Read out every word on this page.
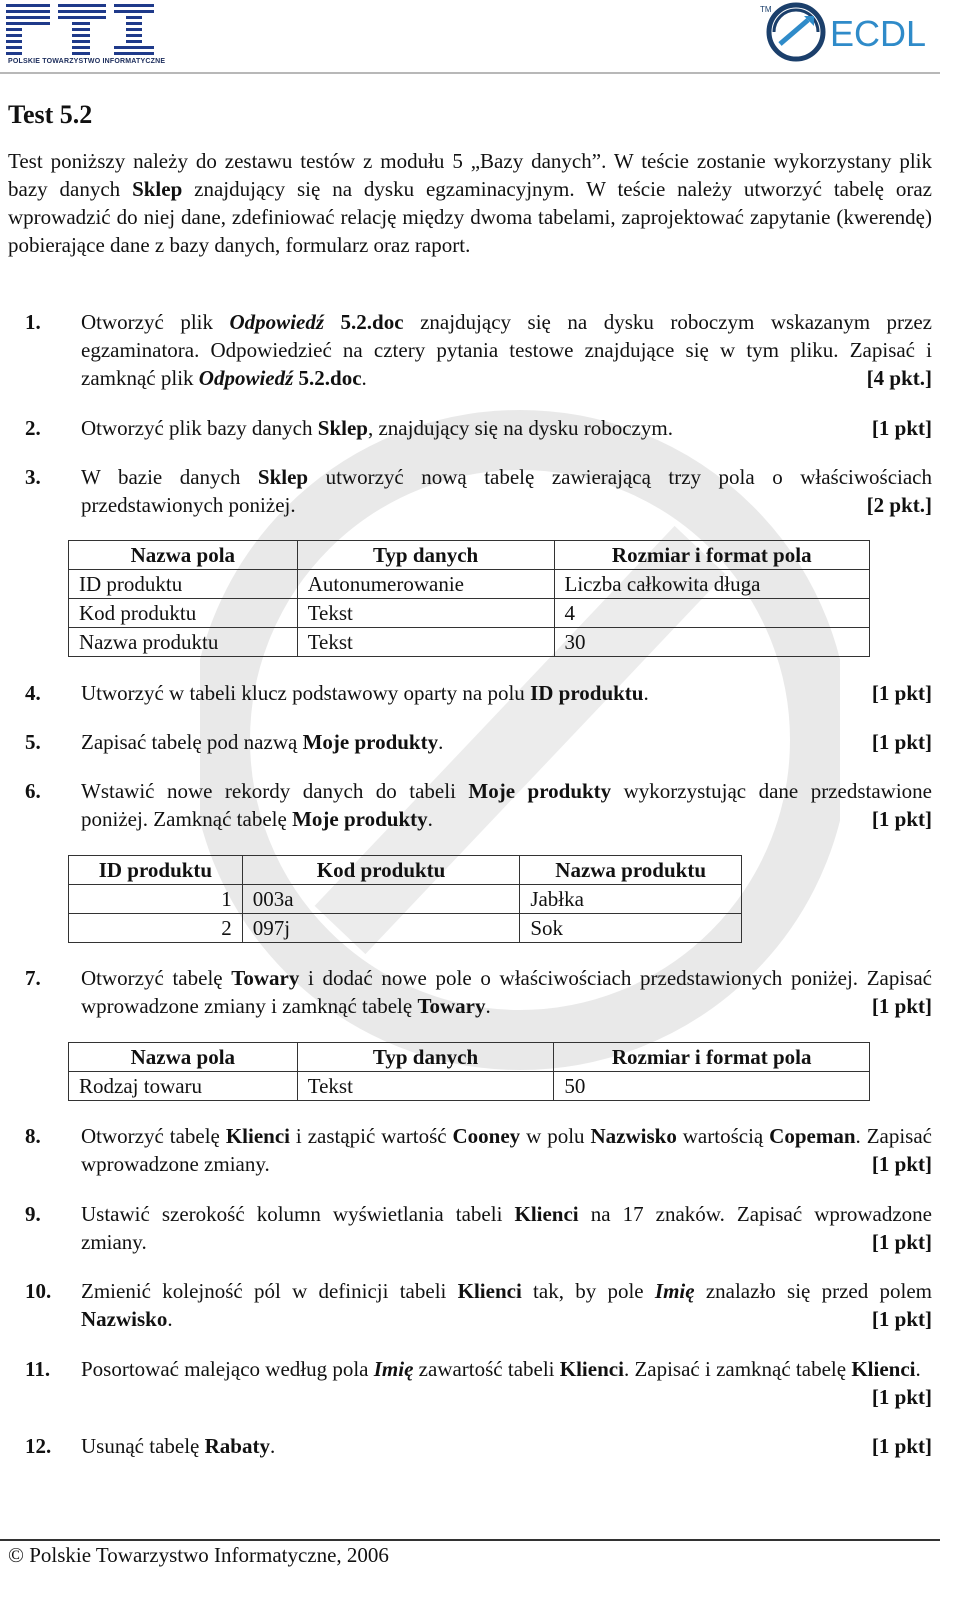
POLSKIE TOWARZYSTWO INFORMATYCZNE
TM
ECDL
Test 5.2
Test poniższy należy do zestawu testów z modułu 5 „Bazy danych”. W teście zostanie wykorzystany plik bazy danych Sklep znajdujący się na dysku egzaminacyjnym. W teście należy utworzyć tabelę oraz wprowadzić do niej dane, zdefiniować relację między dwoma tabelami, zaprojektować zapytanie (kwerendę) pobierające dane z bazy danych, formularz oraz raport.
1. Otworzyć plik Odpowiedź 5.2.doc znajdujący się na dysku roboczym wskazanym przez egzaminatora. Odpowiedzieć na cztery pytania testowe znajdujące się w tym pliku. Zapisać i zamknąć plik Odpowiedź 5.2.doc.	[4 pkt.]
2. Otworzyć plik bazy danych Sklep, znajdujący się na dysku roboczym.	[1 pkt]
3. W bazie danych Sklep utworzyć nową tabelę zawierającą trzy pola o właściwościach przedstawionych poniżej.	[2 pkt.]
Nazwa pola	Typ danych	Rozmiar i format pola
ID produktu	Autonumerowanie	Liczba całkowita długa
Kod produktu	Tekst	4
Nazwa produktu	Tekst	30
4. Utworzyć w tabeli klucz podstawowy oparty na polu ID produktu.	[1 pkt]
5. Zapisać tabelę pod nazwą Moje produkty.	[1 pkt]
6. Wstawić nowe rekordy danych do tabeli Moje produkty wykorzystując dane przedstawione poniżej. Zamknąć tabelę Moje produkty.	[1 pkt]
ID produktu	Kod produktu	Nazwa produktu
1	003a	Jabłka
2	097j	Sok
7. Otworzyć tabelę Towary i dodać nowe pole o właściwościach przedstawionych poniżej. Zapisać wprowadzone zmiany i zamknąć tabelę Towary.	[1 pkt]
Nazwa pola	Typ danych	Rozmiar i format pola
Rodzaj towaru	Tekst	50
8. Otworzyć tabelę Klienci i zastąpić wartość Cooney w polu Nazwisko wartością Copeman. Zapisać wprowadzone zmiany.	[1 pkt]
9. Ustawić szerokość kolumn wyświetlania tabeli Klienci na 17 znaków. Zapisać wprowadzone zmiany.	[1 pkt]
10. Zmienić kolejność pól w definicji tabeli Klienci tak, by pole Imię znalazło się przed polem Nazwisko.	[1 pkt]
11. Posortować malejąco według pola Imię zawartość tabeli Klienci. Zapisać i zamknąć tabelę Klienci.
[1 pkt]
12. Usunąć tabelę Rabaty.	[1 pkt]
© Polskie Towarzystwo Informatyczne, 2006
